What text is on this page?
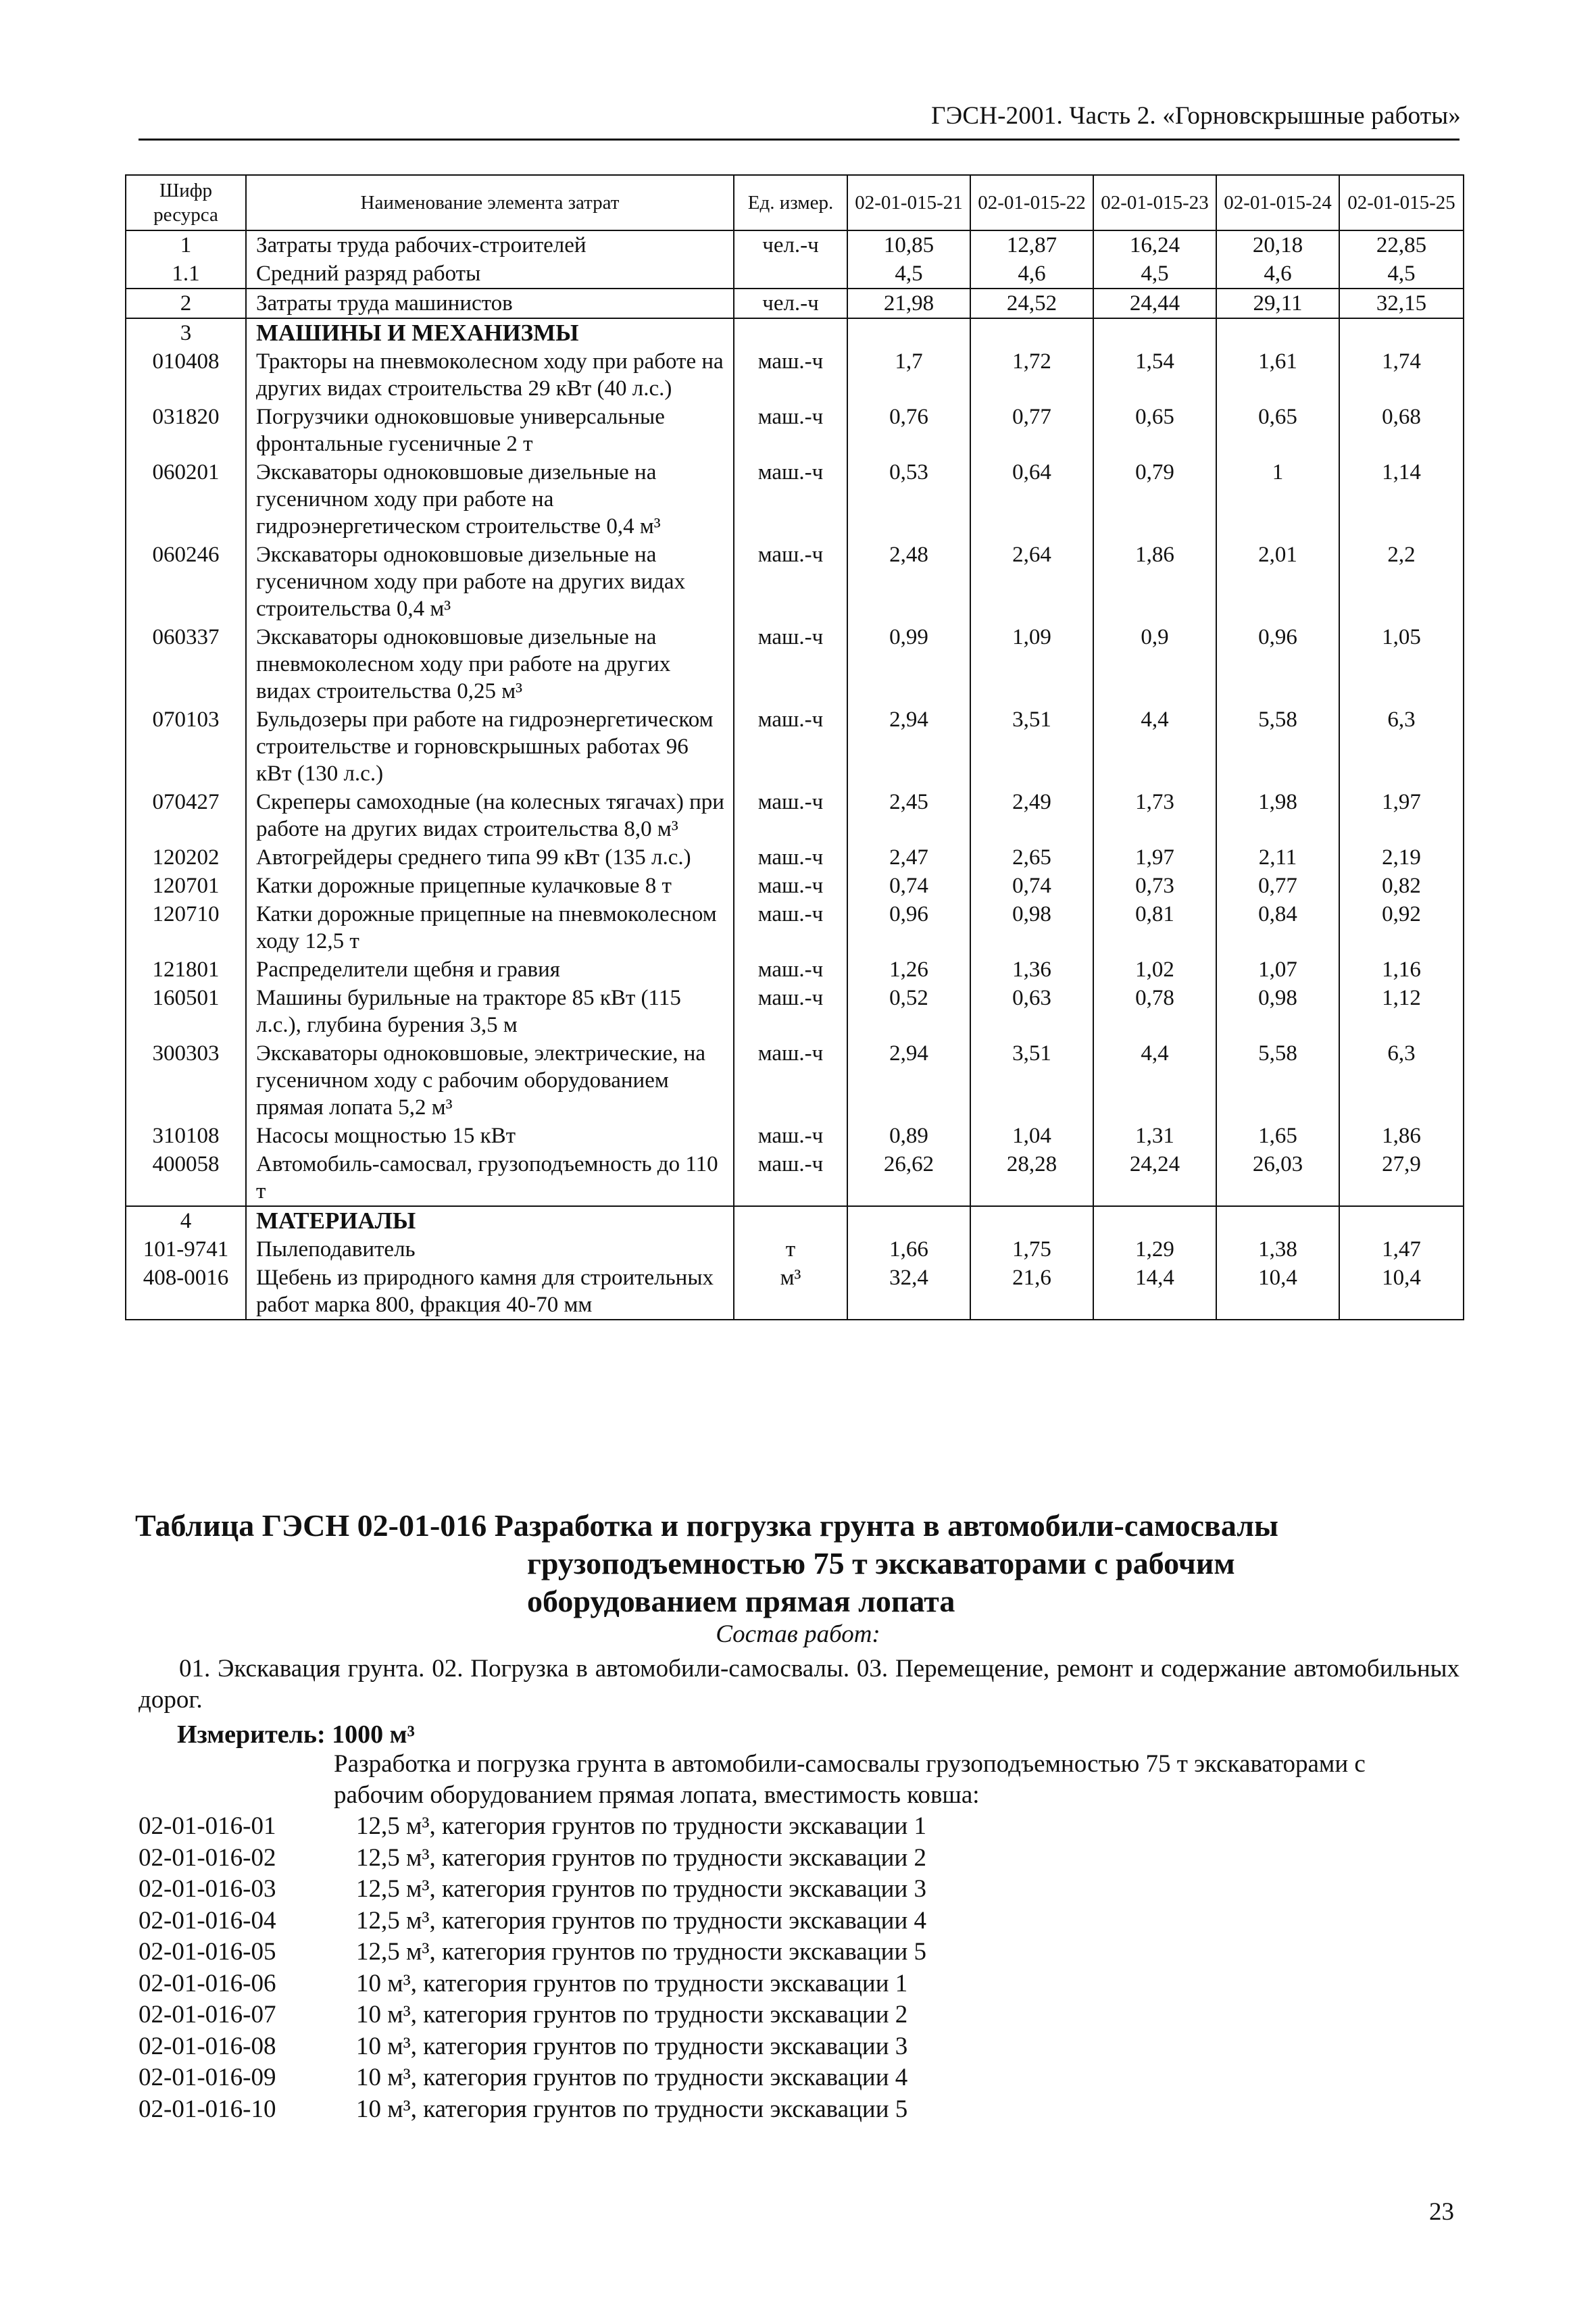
ГЭСН-2001. Часть 2. «Горновскрышные работы»
Шифр ресурса	Наименование элемента затрат	Ед. измер.	02-01-015-21	02-01-015-22	02-01-015-23	02-01-015-24	02-01-015-25
1	Затраты труда рабочих-строителей	чел.-ч	10,85	12,87	16,24	20,18	22,85
1.1	Средний разряд работы		4,5	4,6	4,5	4,6	4,5
2	Затраты труда машинистов	чел.-ч	21,98	24,52	24,44	29,11	32,15
3	МАШИНЫ И МЕХАНИЗМЫ						
010408	Тракторы на пневмоколесном ходу при работе на других видах строительства 29 кВт (40 л.с.)	маш.-ч	1,7	1,72	1,54	1,61	1,74
031820	Погрузчики одноковшовые универсальные фронтальные гусеничные 2 т	маш.-ч	0,76	0,77	0,65	0,65	0,68
060201	Экскаваторы одноковшовые дизельные на гусеничном ходу при работе на гидроэнергетическом строительстве 0,4 м³	маш.-ч	0,53	0,64	0,79	1	1,14
060246	Экскаваторы одноковшовые дизельные на гусеничном ходу при работе на других видах строительства 0,4 м³	маш.-ч	2,48	2,64	1,86	2,01	2,2
060337	Экскаваторы одноковшовые дизельные на пневмоколесном ходу при работе на других видах строительства 0,25 м³	маш.-ч	0,99	1,09	0,9	0,96	1,05
070103	Бульдозеры при работе на гидроэнергетическом строительстве и горновскрышных работах 96 кВт (130 л.с.)	маш.-ч	2,94	3,51	4,4	5,58	6,3
070427	Скреперы самоходные (на колесных тягачах) при работе на других видах строительства 8,0 м³	маш.-ч	2,45	2,49	1,73	1,98	1,97
120202	Автогрейдеры среднего типа 99 кВт (135 л.с.)	маш.-ч	2,47	2,65	1,97	2,11	2,19
120701	Катки дорожные прицепные кулачковые 8 т	маш.-ч	0,74	0,74	0,73	0,77	0,82
120710	Катки дорожные прицепные на пневмоколесном ходу 12,5 т	маш.-ч	0,96	0,98	0,81	0,84	0,92
121801	Распределители щебня и гравия	маш.-ч	1,26	1,36	1,02	1,07	1,16
160501	Машины бурильные на тракторе 85 кВт (115 л.с.), глубина бурения 3,5 м	маш.-ч	0,52	0,63	0,78	0,98	1,12
300303	Экскаваторы одноковшовые, электрические, на гусеничном ходу с рабочим оборудованием прямая лопата 5,2 м³	маш.-ч	2,94	3,51	4,4	5,58	6,3
310108	Насосы мощностью 15 кВт	маш.-ч	0,89	1,04	1,31	1,65	1,86
400058	Автомобиль-самосвал, грузоподъемность до 110 т	маш.-ч	26,62	28,28	24,24	26,03	27,9
4	МАТЕРИАЛЫ						
101-9741	Пылеподавитель	т	1,66	1,75	1,29	1,38	1,47
408-0016	Щебень из природного камня для строительных работ марка 800, фракция 40-70 мм	м³	32,4	21,6	14,4	10,4	10,4
Таблица ГЭСН 02-01-016 Разработка и погрузка грунта в автомобили-самосвалы
грузоподъемностью 75 т экскаваторами с рабочим
оборудованием прямая лопата
Состав работ:
01. Экскавация грунта. 02. Погрузка в автомобили-самосвалы. 03. Перемещение, ремонт и содержание автомобильных дорог.
Измеритель: 1000 м³
Разработка и погрузка грунта в автомобили-самосвалы грузоподъемностью 75 т экскаваторами с рабочим оборудованием прямая лопата, вместимость ковша:
02-01-016-01	12,5 м³, категория грунтов по трудности экскавации 1
02-01-016-02	12,5 м³, категория грунтов по трудности экскавации 2
02-01-016-03	12,5 м³, категория грунтов по трудности экскавации 3
02-01-016-04	12,5 м³, категория грунтов по трудности экскавации 4
02-01-016-05	12,5 м³, категория грунтов по трудности экскавации 5
02-01-016-06	10 м³, категория грунтов по трудности экскавации 1
02-01-016-07	10 м³, категория грунтов по трудности экскавации 2
02-01-016-08	10 м³, категория грунтов по трудности экскавации 3
02-01-016-09	10 м³, категория грунтов по трудности экскавации 4
02-01-016-10	10 м³, категория грунтов по трудности экскавации 5
23
